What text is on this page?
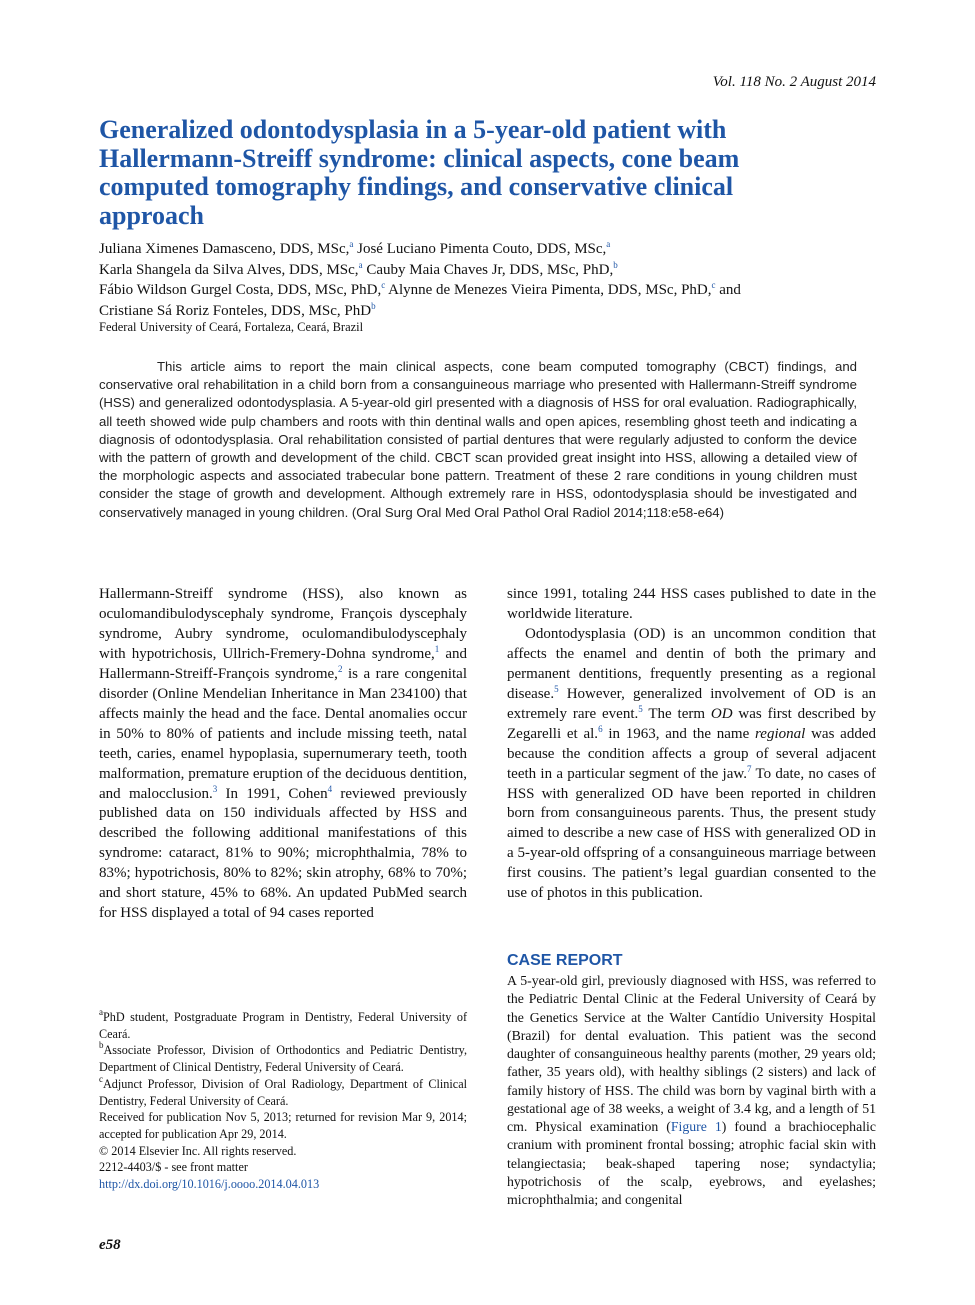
Vol. 118 No. 2 August 2014
Generalized odontodysplasia in a 5-year-old patient with Hallermann-Streiff syndrome: clinical aspects, cone beam computed tomography findings, and conservative clinical approach
Juliana Ximenes Damasceno, DDS, MSc,$^a$ José Luciano Pimenta Couto, DDS, MSc,$^a$
Karla Shangela da Silva Alves, DDS, MSc,$^a$ Cauby Maia Chaves Jr, DDS, MSc, PhD,$^b$
Fábio Wildson Gurgel Costa, DDS, MSc, PhD,$^c$ Alynne de Menezes Vieira Pimenta, DDS, MSc, PhD,$^c$ and
Cristiane Sá Roriz Fonteles, DDS, MSc, PhD$^b$
Federal University of Ceará, Fortaleza, Ceará, Brazil
This article aims to report the main clinical aspects, cone beam computed tomography (CBCT) findings, and conservative oral rehabilitation in a child born from a consanguineous marriage who presented with Hallermann-Streiff syndrome (HSS) and generalized odontodysplasia. A 5-year-old girl presented with a diagnosis of HSS for oral evaluation. Radiographically, all teeth showed wide pulp chambers and roots with thin dentinal walls and open apices, resembling ghost teeth and indicating a diagnosis of odontodysplasia. Oral rehabilitation consisted of partial dentures that were regularly adjusted to conform the device with the pattern of growth and development of the child. CBCT scan provided great insight into HSS, allowing a detailed view of the morphologic aspects and associated trabecular bone pattern. Treatment of these 2 rare conditions in young children must consider the stage of growth and development. Although extremely rare in HSS, odontodysplasia should be investigated and conservatively managed in young children. (Oral Surg Oral Med Oral Pathol Oral Radiol 2014;118:e58-e64)
Hallermann-Streiff syndrome (HSS), also known as oculomandibulodyscephaly syndrome, François dyscephaly syndrome, Aubry syndrome, oculomandibulodyscephaly with hypotrichosis, Ullrich-Fremery-Dohna syndrome,$^1$ and Hallermann-Streiff-François syndrome,$^2$ is a rare congenital disorder (Online Mendelian Inheritance in Man 234100) that affects mainly the head and the face. Dental anomalies occur in 50% to 80% of patients and include missing teeth, natal teeth, caries, enamel hypoplasia, supernumerary teeth, tooth malformation, premature eruption of the deciduous dentition, and malocclusion.$^3$ In 1991, Cohen$^4$ reviewed previously published data on 150 individuals affected by HSS and described the following additional manifestations of this syndrome: cataract, 81% to 90%; microphthalmia, 78% to 83%; hypotrichosis, 80% to 82%; skin atrophy, 68% to 70%; and short stature, 45% to 68%. An updated PubMed search for HSS displayed a total of 94 cases reported
since 1991, totaling 244 HSS cases published to date in the worldwide literature.
Odontodysplasia (OD) is an uncommon condition that affects the enamel and dentin of both the primary and permanent dentitions, frequently presenting as a regional disease.$^5$ However, generalized involvement of OD is an extremely rare event.$^5$ The term OD was first described by Zegarelli et al.$^6$ in 1963, and the name regional was added because the condition affects a group of several adjacent teeth in a particular segment of the jaw.$^7$ To date, no cases of HSS with generalized OD have been reported in children born from consanguineous parents. Thus, the present study aimed to describe a new case of HSS with generalized OD in a 5-year-old offspring of a consanguineous marriage between first cousins. The patient’s legal guardian consented to the use of photos in this publication.
CASE REPORT
A 5-year-old girl, previously diagnosed with HSS, was referred to the Pediatric Dental Clinic at the Federal University of Ceará by the Genetics Service at the Walter Cantídio University Hospital (Brazil) for dental evaluation. This patient was the second daughter of consanguineous healthy parents (mother, 29 years old; father, 35 years old), with healthy siblings (2 sisters) and lack of family history of HSS. The child was born by vaginal birth with a gestational age of 38 weeks, a weight of 3.4 kg, and a length of 51 cm. Physical examination (Figure 1) found a brachiocephalic cranium with prominent frontal bossing; atrophic facial skin with telangiectasia; beak-shaped tapering nose; syndactylia; hypotrichosis of the scalp, eyebrows, and eyelashes; microphthalmia; and congenital

$^a$PhD student, Postgraduate Program in Dentistry, Federal University of Ceará.

$^b$Associate Professor, Division of Orthodontics and Pediatric Dentistry, Department of Clinical Dentistry, Federal University of Ceará.

$^c$Adjunct Professor, Division of Oral Radiology, Department of Clinical Dentistry, Federal University of Ceará.

Received for publication Nov 5, 2013; returned for revision Mar 9, 2014; accepted for publication Apr 29, 2014.

© 2014 Elsevier Inc. All rights reserved.

2212-4403/$ - see front matter

http://dx.doi.org/10.1016/j.oooo.2014.04.013

e58
